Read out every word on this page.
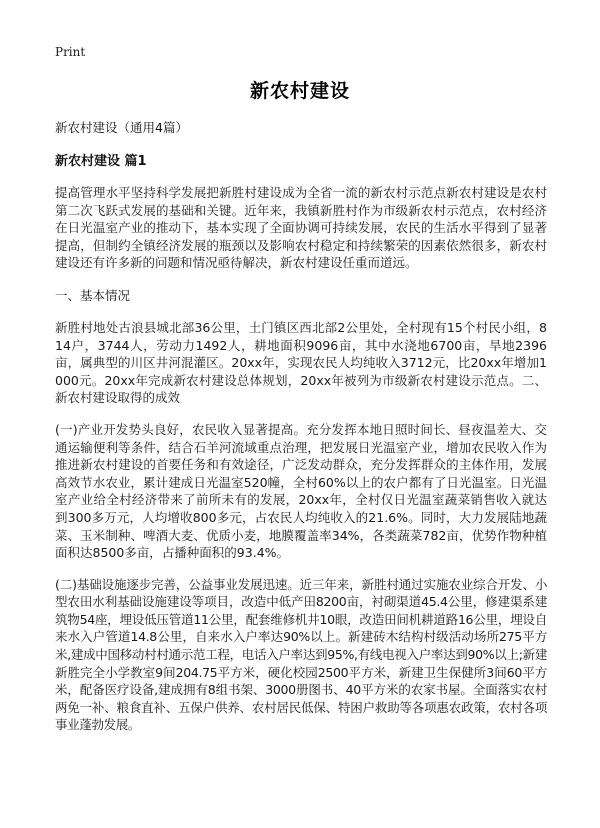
Print
新农村建设

新农村建设（通用4篇）

新农村建设 篇1

提高管理水平坚持科学发展把新胜村建设成为全省一流的新农村示范点新农村建设是农村第二次飞跃式发展的基础和关键。近年来，我镇新胜村作为市级新农村示范点，农村经济在日光温室产业的推动下，基本实现了全面协调可持续发展，农民的生活水平得到了显著提高，但制约全镇经济发展的瓶颈以及影响农村稳定和持续繁荣的因素依然很多，新农村建设还有许多新的问题和情况亟待解决，新农村建设任重而道远。

一、基本情况

新胜村地处古浪县城北部36公里，土门镇区西北部2公里处，全村现有15个村民小组，814户，3744人，劳动力1492人，耕地面积9096亩，其中水浇地6700亩，旱地2396亩，属典型的川区井河混灌区。20xx年，实现农民人均纯收入3712元，比20xx年增加1000元。20xx年完成新农村建设总体规划，20xx年被列为市级新农村建设示范点。二、新农村建设取得的成效

(一)产业开发势头良好，农民收入显著提高。充分发挥本地日照时间长、昼夜温差大、交通运输便利等条件，结合石羊河流域重点治理，把发展日光温室产业，增加农民收入作为推进新农村建设的首要任务和有效途径，广泛发动群众，充分发挥群众的主体作用，发展高效节水农业，累计建成日光温室520幢，全村60%以上的农户都有了日光温室。日光温室产业给全村经济带来了前所未有的发展，20xx年，全村仅日光温室蔬菜销售收入就达到300多万元，人均增收800多元，占农民人均纯收入的21.6%。同时，大力发展陆地蔬菜、玉米制种、啤酒大麦、优质小麦，地膜覆盖率34%，各类蔬菜782亩，优势作物种植面积达8500多亩，占播种面积的93.4%。

(二)基础设施逐步完善，公益事业发展迅速。近三年来，新胜村通过实施农业综合开发、小型农田水利基础设施建设等项目，改造中低产田8200亩，衬砌渠道45.4公里，修建渠系建筑物54座，埋设低压管道11公里，配套维修机井10眼，改造田间机耕道路16公里，埋设自来水入户管道14.8公里，自来水入户率达90%以上。新建砖木结构村级活动场所275平方米,建成中国移动村村通示范工程，电话入户率达到95%,有线电视入户率达到90%以上;新建新胜完全小学教室9间204.75平方米，硬化校园2500平方米，新建卫生保健所3间60平方米，配备医疗设备,建成拥有8组书架、3000册图书、40平方米的农家书屋。全面落实农村两免一补、粮食直补、五保户供养、农村居民低保、特困户救助等各项惠农政策，农村各项事业蓬勃发展。
